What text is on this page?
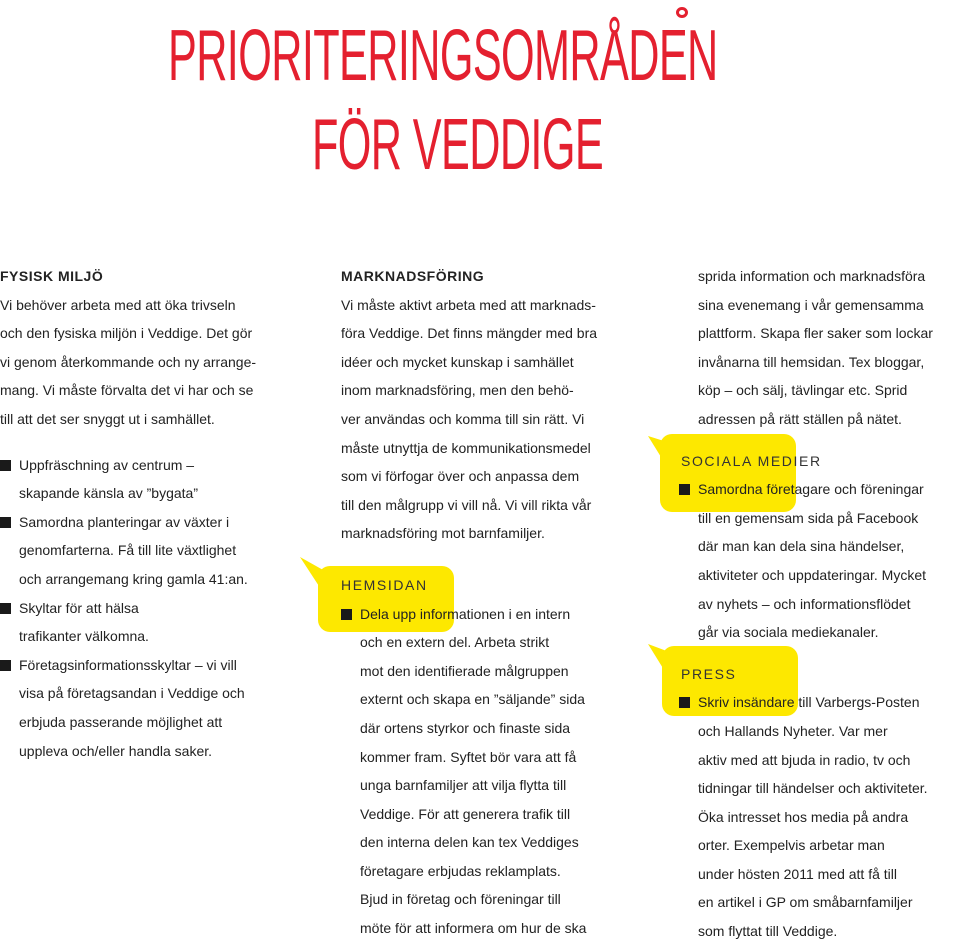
PRIORITERINGSOMRÅDEN
FÖR VEDDIGE

FYSISK MILJÖ

Vi behöver arbeta med att öka trivseln

och den fysiska miljön i Veddige. Det gör

vi genom återkommande och ny arrange-

mang. Vi måste förvalta det vi har och se

till att det ser snyggt ut i samhället.

Uppfräschning av centrum –

skapande känsla av ”bygata”

Samordna planteringar av växter i

genomfarterna. Få till lite växtlighet

och arrangemang kring gamla 41:an.

Skyltar för att hälsa

trafikanter välkomna.

Företagsinformationsskyltar – vi vill

visa på företagsandan i Veddige och

erbjuda passerande möjlighet att

uppleva och/eller handla saker.

MARKNADSFÖRING

Vi måste aktivt arbeta med att marknads-

föra Veddige. Det finns mängder med bra

idéer och mycket kunskap i samhället

inom marknadsföring, men den behö-

ver användas och komma till sin rätt. Vi

måste utnyttja de kommunikationsmedel

som vi förfogar över och anpassa dem

till den målgrupp vi vill nå. Vi vill rikta vår

marknadsföring mot barnfamiljer.

HEMSIDAN

Dela upp informationen i en intern

och en extern del. Arbeta strikt

mot den identifierade målgruppen

externt och skapa en ”säljande” sida

där ortens styrkor och finaste sida

kommer fram. Syftet bör vara att få

unga barnfamiljer att vilja flytta till

Veddige. För att generera trafik till

den interna delen kan tex Veddiges

företagare erbjudas reklamplats.

Bjud in företag och föreningar till

möte för att informera om hur de ska

sprida information och marknadsföra

sina evenemang i vår gemensamma

plattform. Skapa fler saker som lockar

invånarna till hemsidan. Tex bloggar,

köp – och sälj, tävlingar etc. Sprid

adressen på rätt ställen på nätet.

SOCIALA MEDIER

Samordna företagare och föreningar

till en gemensam sida på Facebook

där man kan dela sina händelser,

aktiviteter och uppdateringar. Mycket

av nyhets – och informationsflödet

går via sociala mediekanaler.

PRESS

Skriv insändare till Varbergs-Posten

och Hallands Nyheter. Var mer

aktiv med att bjuda in radio, tv och

tidningar till händelser och aktiviteter.

Öka intresset hos media på andra

orter. Exempelvis arbetar man

under hösten 2011 med att få till

en artikel i GP om småbarnfamiljer

som flyttat till Veddige.
